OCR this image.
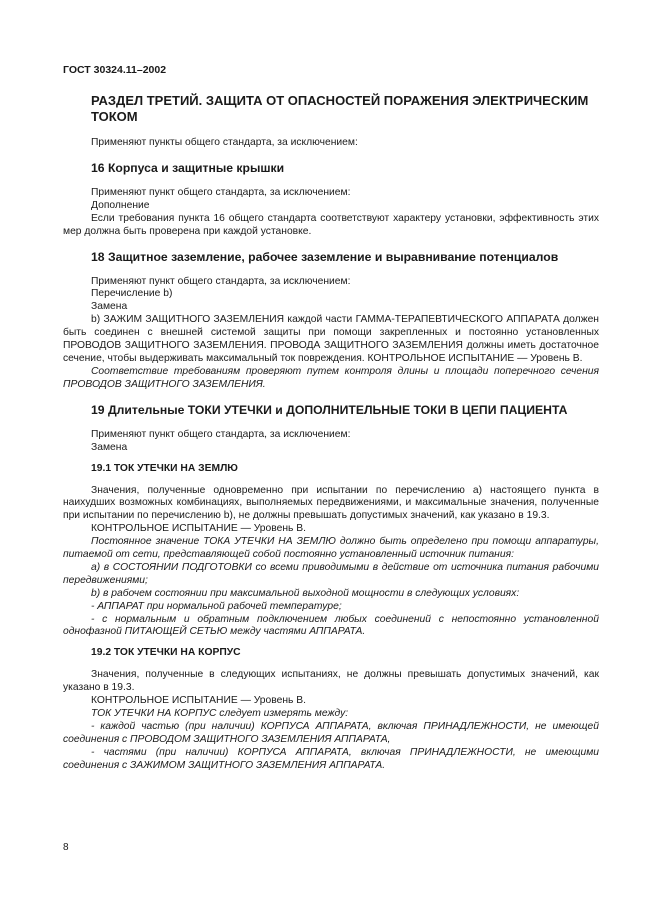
ГОСТ 30324.11–2002
РАЗДЕЛ ТРЕТИЙ. ЗАЩИТА ОТ ОПАСНОСТЕЙ ПОРАЖЕНИЯ ЭЛЕКТРИЧЕСКИМ ТОКОМ

Применяют пункты общего стандарта, за исключением:

16 Корпуса и защитные крышки

Применяют пункт общего стандарта, за исключением:

Дополнение

Если требования пункта 16 общего стандарта соответствуют характеру установки, эффективность этих мер должна быть проверена при каждой установке.

18 Защитное заземление, рабочее заземление и выравнивание потенциалов

Применяют пункт общего стандарта, за исключением:

Перечисление b)

Замена

b) ЗАЖИМ ЗАЩИТНОГО ЗАЗЕМЛЕНИЯ каждой части ГАММА-ТЕРАПЕВТИЧЕСКОГО АППАРАТА должен быть соединен с внешней системой защиты при помощи закрепленных и постоянно установленных ПРОВОДОВ ЗАЩИТНОГО ЗАЗЕМЛЕНИЯ. ПРОВОДА ЗАЩИТНОГО ЗАЗЕМЛЕНИЯ должны иметь достаточное сечение, чтобы выдерживать максимальный ток повреждения. КОНТРОЛЬНОЕ ИСПЫТАНИЕ — Уровень В.

Соответствие требованиям проверяют путем контроля длины и площади поперечного сечения ПРОВОДОВ ЗАЩИТНОГО ЗАЗЕМЛЕНИЯ.

19 Длительные ТОКИ УТЕЧКИ и ДОПОЛНИТЕЛЬНЫЕ ТОКИ В ЦЕПИ ПАЦИЕНТА

Применяют пункт общего стандарта, за исключением:

Замена

19.1 ТОК УТЕЧКИ НА ЗЕМЛЮ

Значения, полученные одновременно при испытании по перечислению а) настоящего пункта в наихудших возможных комбинациях, выполняемых передвижениями, и максимальные значения, полученные при испытании по перечислению b), не должны превышать допустимых значений, как указано в 19.3.

КОНТРОЛЬНОЕ ИСПЫТАНИЕ — Уровень В.

Постоянное значение ТОКА УТЕЧКИ НА ЗЕМЛЮ должно быть определено при помощи аппаратуры, питаемой от сети, представляющей собой постоянно установленный источник питания:

а) в СОСТОЯНИИ ПОДГОТОВКИ со всеми приводимыми в действие от источника питания рабочими передвижениями;

b) в рабочем состоянии при максимальной выходной мощности в следующих условиях:

- АППАРАТ при нормальной рабочей температуре;

- с нормальным и обратным подключением любых соединений с непостоянно установленной однофазной ПИТАЮЩЕЙ СЕТЬЮ между частями АППАРАТА.

19.2 ТОК УТЕЧКИ НА КОРПУС

Значения, полученные в следующих испытаниях, не должны превышать допустимых значений, как указано в 19.3.

КОНТРОЛЬНОЕ ИСПЫТАНИЕ — Уровень В.

ТОК УТЕЧКИ НА КОРПУС следует измерять между:

- каждой частью (при наличии) КОРПУСА АППАРАТА, включая ПРИНАДЛЕЖНОСТИ, не имеющей соединения с ПРОВОДОМ ЗАЩИТНОГО ЗАЗЕМЛЕНИЯ АППАРАТА,

- частями (при наличии) КОРПУСА АППАРАТА, включая ПРИНАДЛЕЖНОСТИ, не имеющими соединения с ЗАЖИМОМ ЗАЩИТНОГО ЗАЗЕМЛЕНИЯ АППАРАТА.

8
